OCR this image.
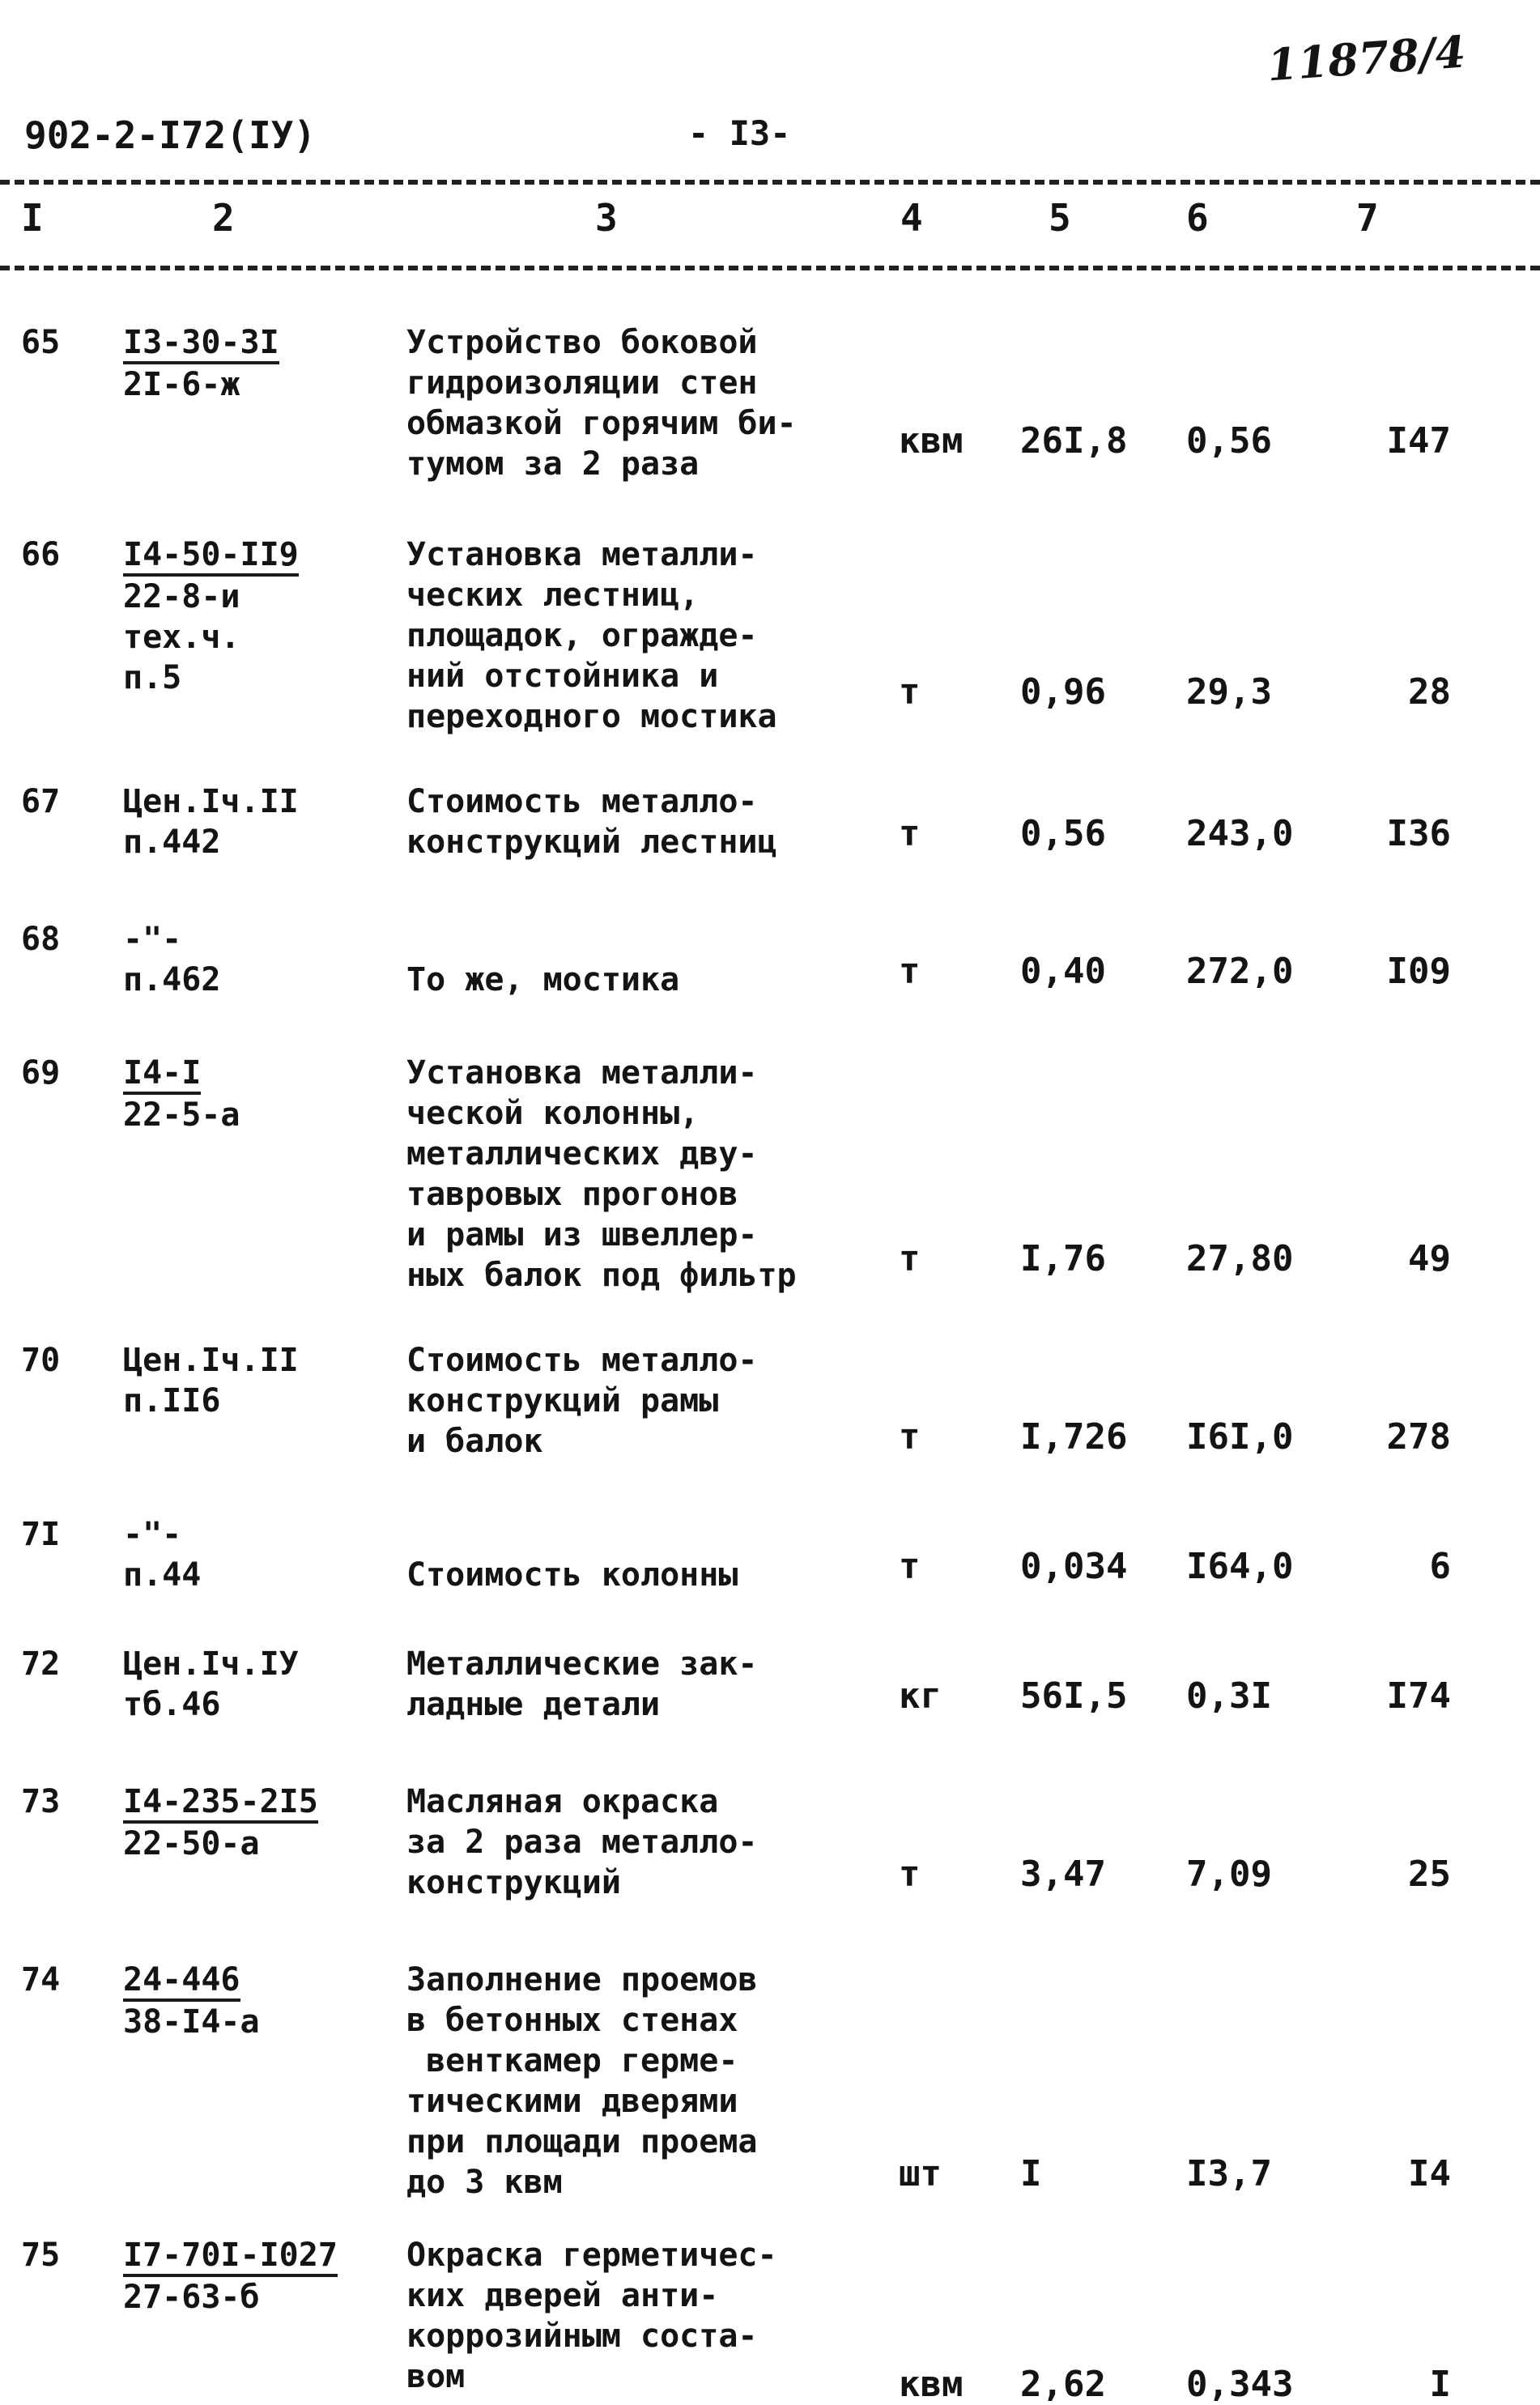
902-2-I72(IУ)	- I3-
11878/4
I	2	3	4	5	6	7
65 I3-30-3I
2I-6-ж
Устройство боковой
гидроизоляции стен
обмазкой горячим би-
тумом за 2 раза
квм 26I,8 0,56	I47
66 I4-50-II9
22-8-и
тех.ч.
п.5
Установка металли-
ческих лестниц,
площадок, огражде-
ний отстойника и
переходного мостика
т	0,96 29,3	28
67 Цен.Iч.II
п.442
Стоимость металло-
конструкций лестниц	т	0,56 243,0	I36
68 -"-
п.462	
То же, мостика	т	0,40 272,0	I09
69 I4-I
22-5-а
Установка металли-
ческой колонны,
металлических дву-
тавровых прогонов
и рамы из швеллер-
ных балок под фильтр	т	I,76 27,80	49
70 Цен.Iч.II
п.II6
Стоимость металло-
конструкций рамы
и балок	т	I,726 I6I,0	278
7I -"-
п.44	
Стоимость колонны	т	0,034 I64,0	6
72 Цен.Iч.IУ
тб.46
Металлические зак-
ладные детали	кг 56I,5 0,3I	I74
73 I4-235-2I5
22-50-а
Масляная окраска
за 2 раза металло-
конструкций	т	3,47 7,09	25
74 24-446
38-I4-а
Заполнение проемов
в бетонных стенах
венткамер герме-
тическими дверями
при площади проема
до 3 квм	шт I	I3,7	I4
75 I7-70I-I027
27-63-б
Окраска герметичес-
ких дверей анти-
коррозийным соста-
вом	квм 2,62 0,343	I
